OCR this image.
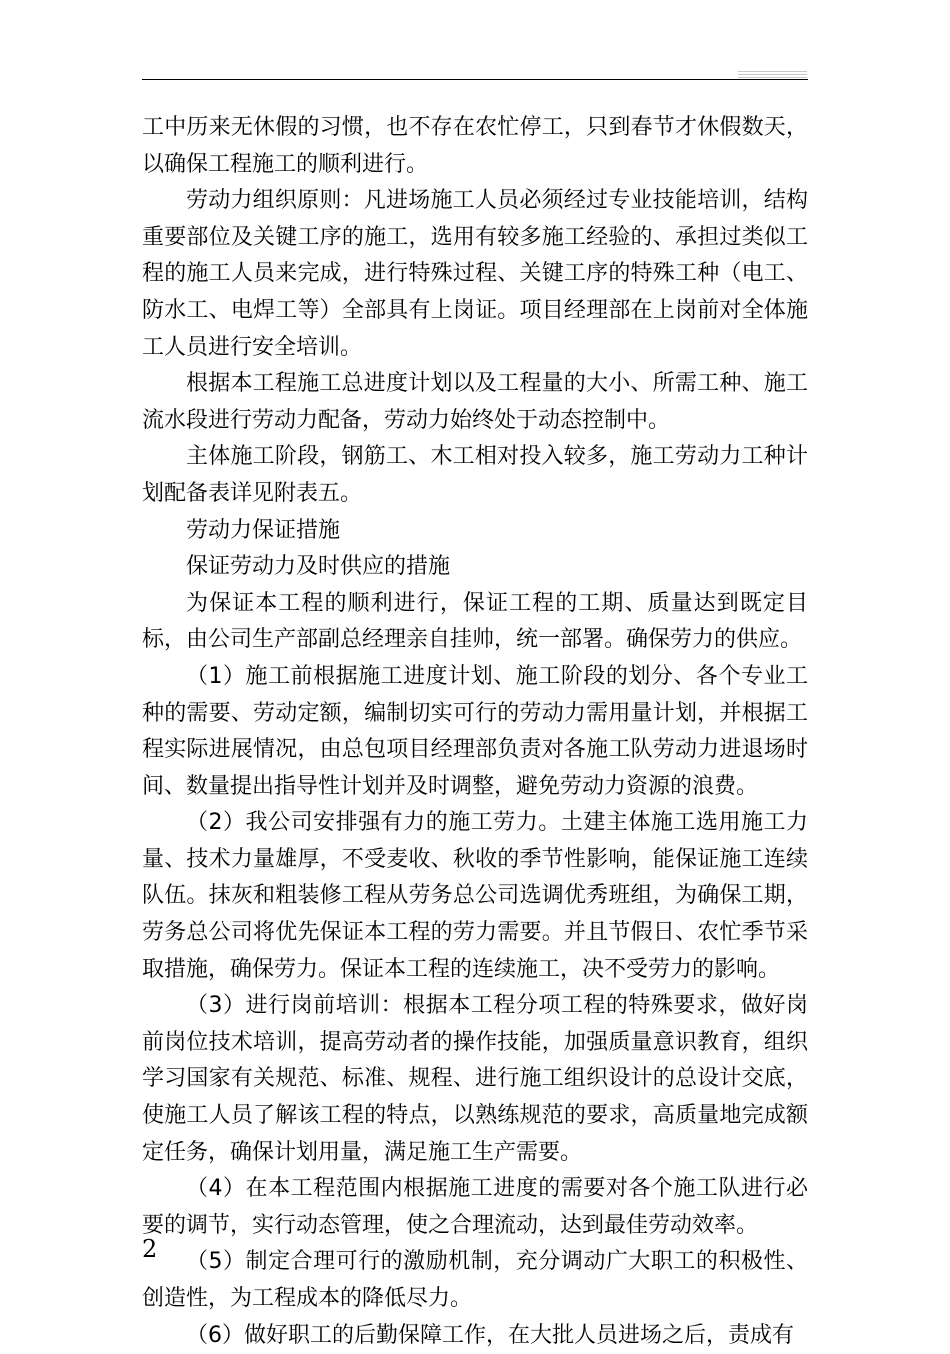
工中历来无休假的习惯，也不存在农忙停工，只到春节才休假数天，以确保工程施工的顺利进行。

劳动力组织原则：凡进场施工人员必须经过专业技能培训，结构重要部位及关键工序的施工，选用有较多施工经验的、承担过类似工程的施工人员来完成，进行特殊过程、关键工序的特殊工种（电工、防水工、电焊工等）全部具有上岗证。项目经理部在上岗前对全体施工人员进行安全培训。

根据本工程施工总进度计划以及工程量的大小、所需工种、施工流水段进行劳动力配备，劳动力始终处于动态控制中。

主体施工阶段，钢筋工、木工相对投入较多，施工劳动力工种计划配备表详见附表五。

劳动力保证措施

保证劳动力及时供应的措施

为保证本工程的顺利进行，保证工程的工期、质量达到既定目标，由公司生产部副总经理亲自挂帅，统一部署。确保劳力的供应。

（1）施工前根据施工进度计划、施工阶段的划分、各个专业工种的需要、劳动定额，编制切实可行的劳动力需用量计划，并根据工程实际进展情况，由总包项目经理部负责对各施工队劳动力进退场时间、数量提出指导性计划并及时调整，避免劳动力资源的浪费。

（2）我公司安排强有力的施工劳力。土建主体施工选用施工力量、技术力量雄厚，不受麦收、秋收的季节性影响，能保证施工连续队伍。抹灰和粗装修工程从劳务总公司选调优秀班组，为确保工期，劳务总公司将优先保证本工程的劳力需要。并且节假日、农忙季节采取措施，确保劳力。保证本工程的连续施工，决不受劳力的影响。

（3）进行岗前培训：根据本工程分项工程的特殊要求，做好岗前岗位技术培训，提高劳动者的操作技能，加强质量意识教育，组织学习国家有关规范、标准、规程、进行施工组织设计的总设计交底，使施工人员了解该工程的特点，以熟练规范的要求，高质量地完成额定任务，确保计划用量，满足施工生产需要。

（4）在本工程范围内根据施工进度的需要对各个施工队进行必要的调节，实行动态管理，使之合理流动，达到最佳劳动效率。

（5）制定合理可行的激励机制，充分调动广大职工的积极性、创造性，为工程成本的降低尽力。

（6）做好职工的后勤保障工作，在大批人员进场之后，责成有

2
